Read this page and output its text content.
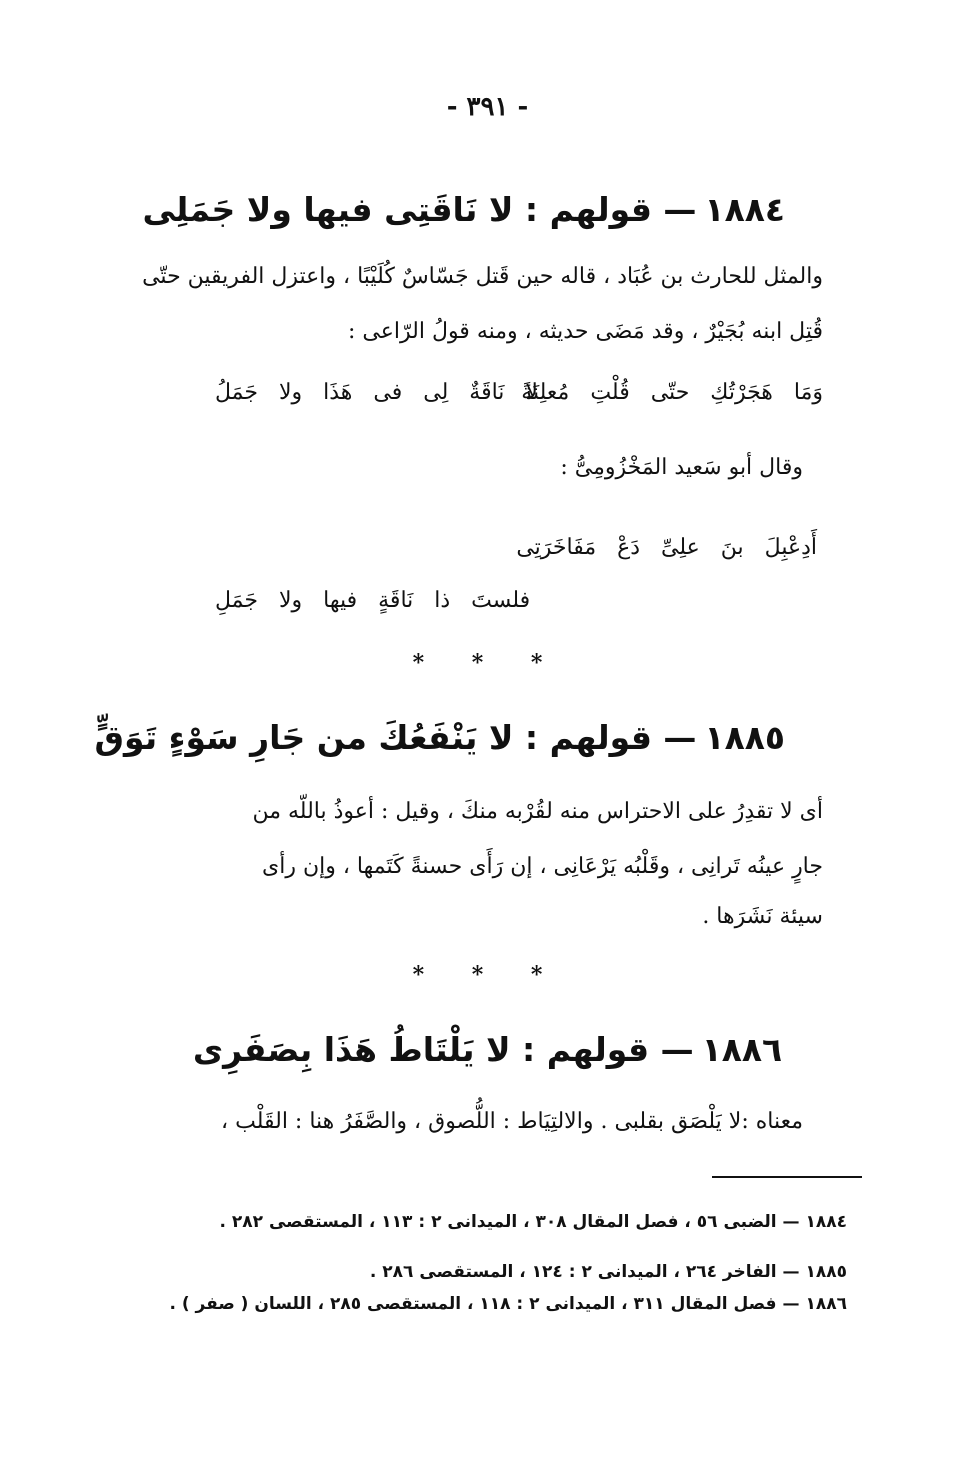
- ٣٩١ -
١٨٨٤— قولهم : لا نَاقَتِى فيها ولا جَمَلِى
والمثل للحارث بن عُبَاد ، قاله حين قَتل جَسّاسٌ كُلَيْبًا ، واعتزل الفريقين حتّى
قُتِل ابنه بُجَيْرٌ ، وقد مَضَى حديثه ، ومنه قولُ الرّاعى :
وَمَا هَجَرْتُكِ حتّى قُلْتِ مُعلِنَةً
لا نَاقَةٌ لِى فى هَذَا ولا جَمَلُ
وقال أبو سَعيد المَخْزُومِىُّ :
أَدِعْبِلَ بنَ علِىِّ دَعْ مَفَاخَرَتِى
فلستَ ذا نَاقَةٍ فيها ولا جَمَلِ
* * *
١٨٨٥— قولهم : لا يَنْفَعُكَ من جَارِ سَوْءٍ تَوَقٍّ
أى لا تقدِرُ على الاحتراس منه لقُرْبه منكَ ، وقيل : أعوذُ باللّه من
جارٍ عينُه تَرانِى ، وقَلْبُه يَرْعَانِى ، إن رَأَى حسنةً كَتَمها ، وإن رأى
سيئة نَشَرَها .
* * *
١٨٨٦— قولهم : لا يَلْتَاطُ هَذَا بِصَفَرِى
معناه :لا يَلْصَق بقلبى . والالتِيَاط : اللُّصوق ، والصَّفَرُ هنا : القَلْب ،
١٨٨٤— الضبى ٥٦ ، فصل المقال ٣٠٨ ، الميدانى ٢ : ١١٣ ، المستقصى ٢٨٢ .
١٨٨٥— الفاخر ٢٦٤ ، الميدانى ٢ : ١٢٤ ، المستقصى ٢٨٦ .
١٨٨٦— فصل المقال ٣١١ ، الميدانى ٢ : ١١٨ ، المستقصى ٢٨٥ ، اللسان ( صفر ) .
